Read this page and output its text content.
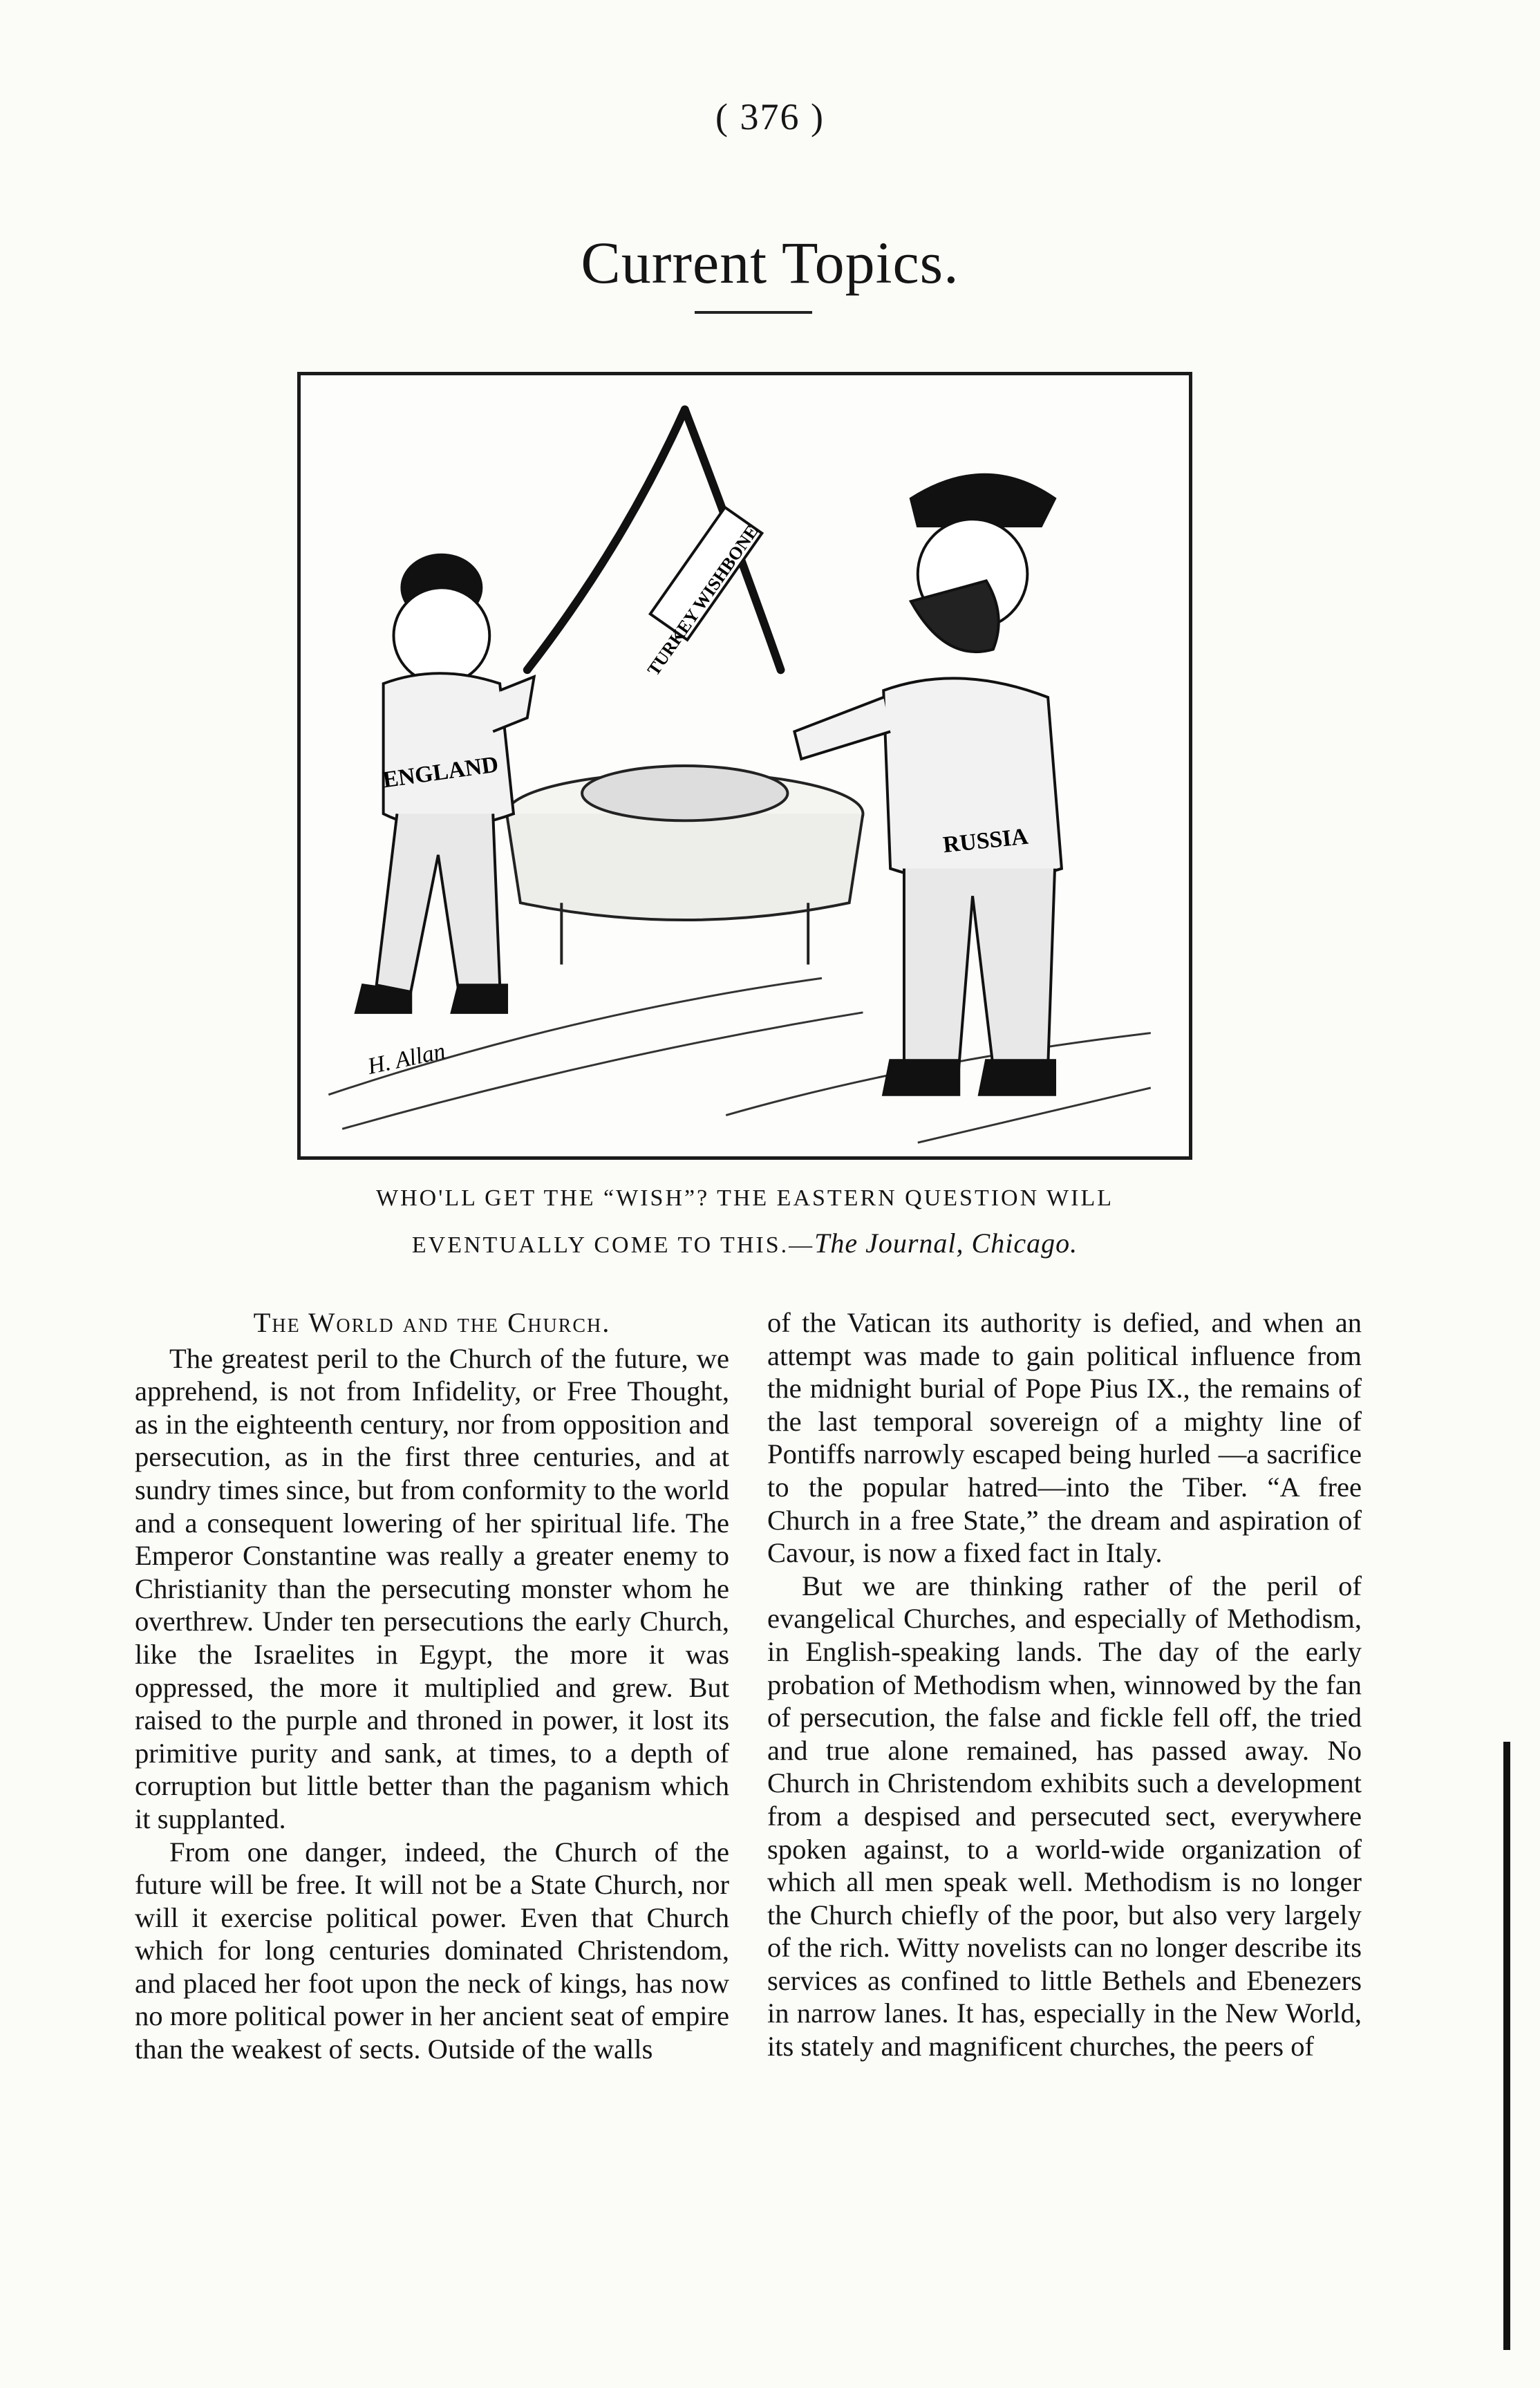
( 376 )
Current Topics.
TURKEY WISHBONE
ENGLAND
RUSSIA
H. Allan
WHO'LL GET THE “WISH”? THE EASTERN QUESTION WILL
EVENTUALLY COME TO THIS.—The Journal, Chicago.

The World and the Church.

The greatest peril to the Church of the future, we apprehend, is not from Infidelity, or Free Thought, as in the eighteenth century, nor from opposition and persecution, as in the first three centuries, and at sundry times since, but from conformity to the world and a consequent lowering of her spiritual life. The Emperor Constantine was really a greater enemy to Christianity than the persecuting monster whom he overthrew. Under ten persecutions the early Church, like the Israelites in Egypt, the more it was oppressed, the more it multiplied and grew. But raised to the purple and throned in power, it lost its primitive purity and sank, at times, to a depth of corruption but little better than the paganism which it supplanted.

From one danger, indeed, the Church of the future will be free. It will not be a State Church, nor will it exercise political power. Even that Church which for long centuries dominated Christendom, and placed her foot upon the neck of kings, has now no more political power in her ancient seat of empire than the weakest of sects. Outside of the walls

of the Vatican its authority is defied, and when an attempt was made to gain political influence from the midnight burial of Pope Pius IX., the remains of the last temporal sovereign of a mighty line of Pontiffs narrowly escaped being hurled —a sacrifice to the popular hatred—into the Tiber. “A free Church in a free State,” the dream and aspiration of Cavour, is now a fixed fact in Italy.

But we are thinking rather of the peril of evangelical Churches, and especially of Methodism, in English-speaking lands. The day of the early probation of Methodism when, winnowed by the fan of persecution, the false and fickle fell off, the tried and true alone remained, has passed away. No Church in Christendom exhibits such a development from a despised and persecuted sect, everywhere spoken against, to a world-wide organization of which all men speak well. Methodism is no longer the Church chiefly of the poor, but also very largely of the rich. Witty novelists can no longer describe its services as confined to little Bethels and Ebenezers in narrow lanes. It has, especially in the New World, its stately and magnificent churches, the peers of
